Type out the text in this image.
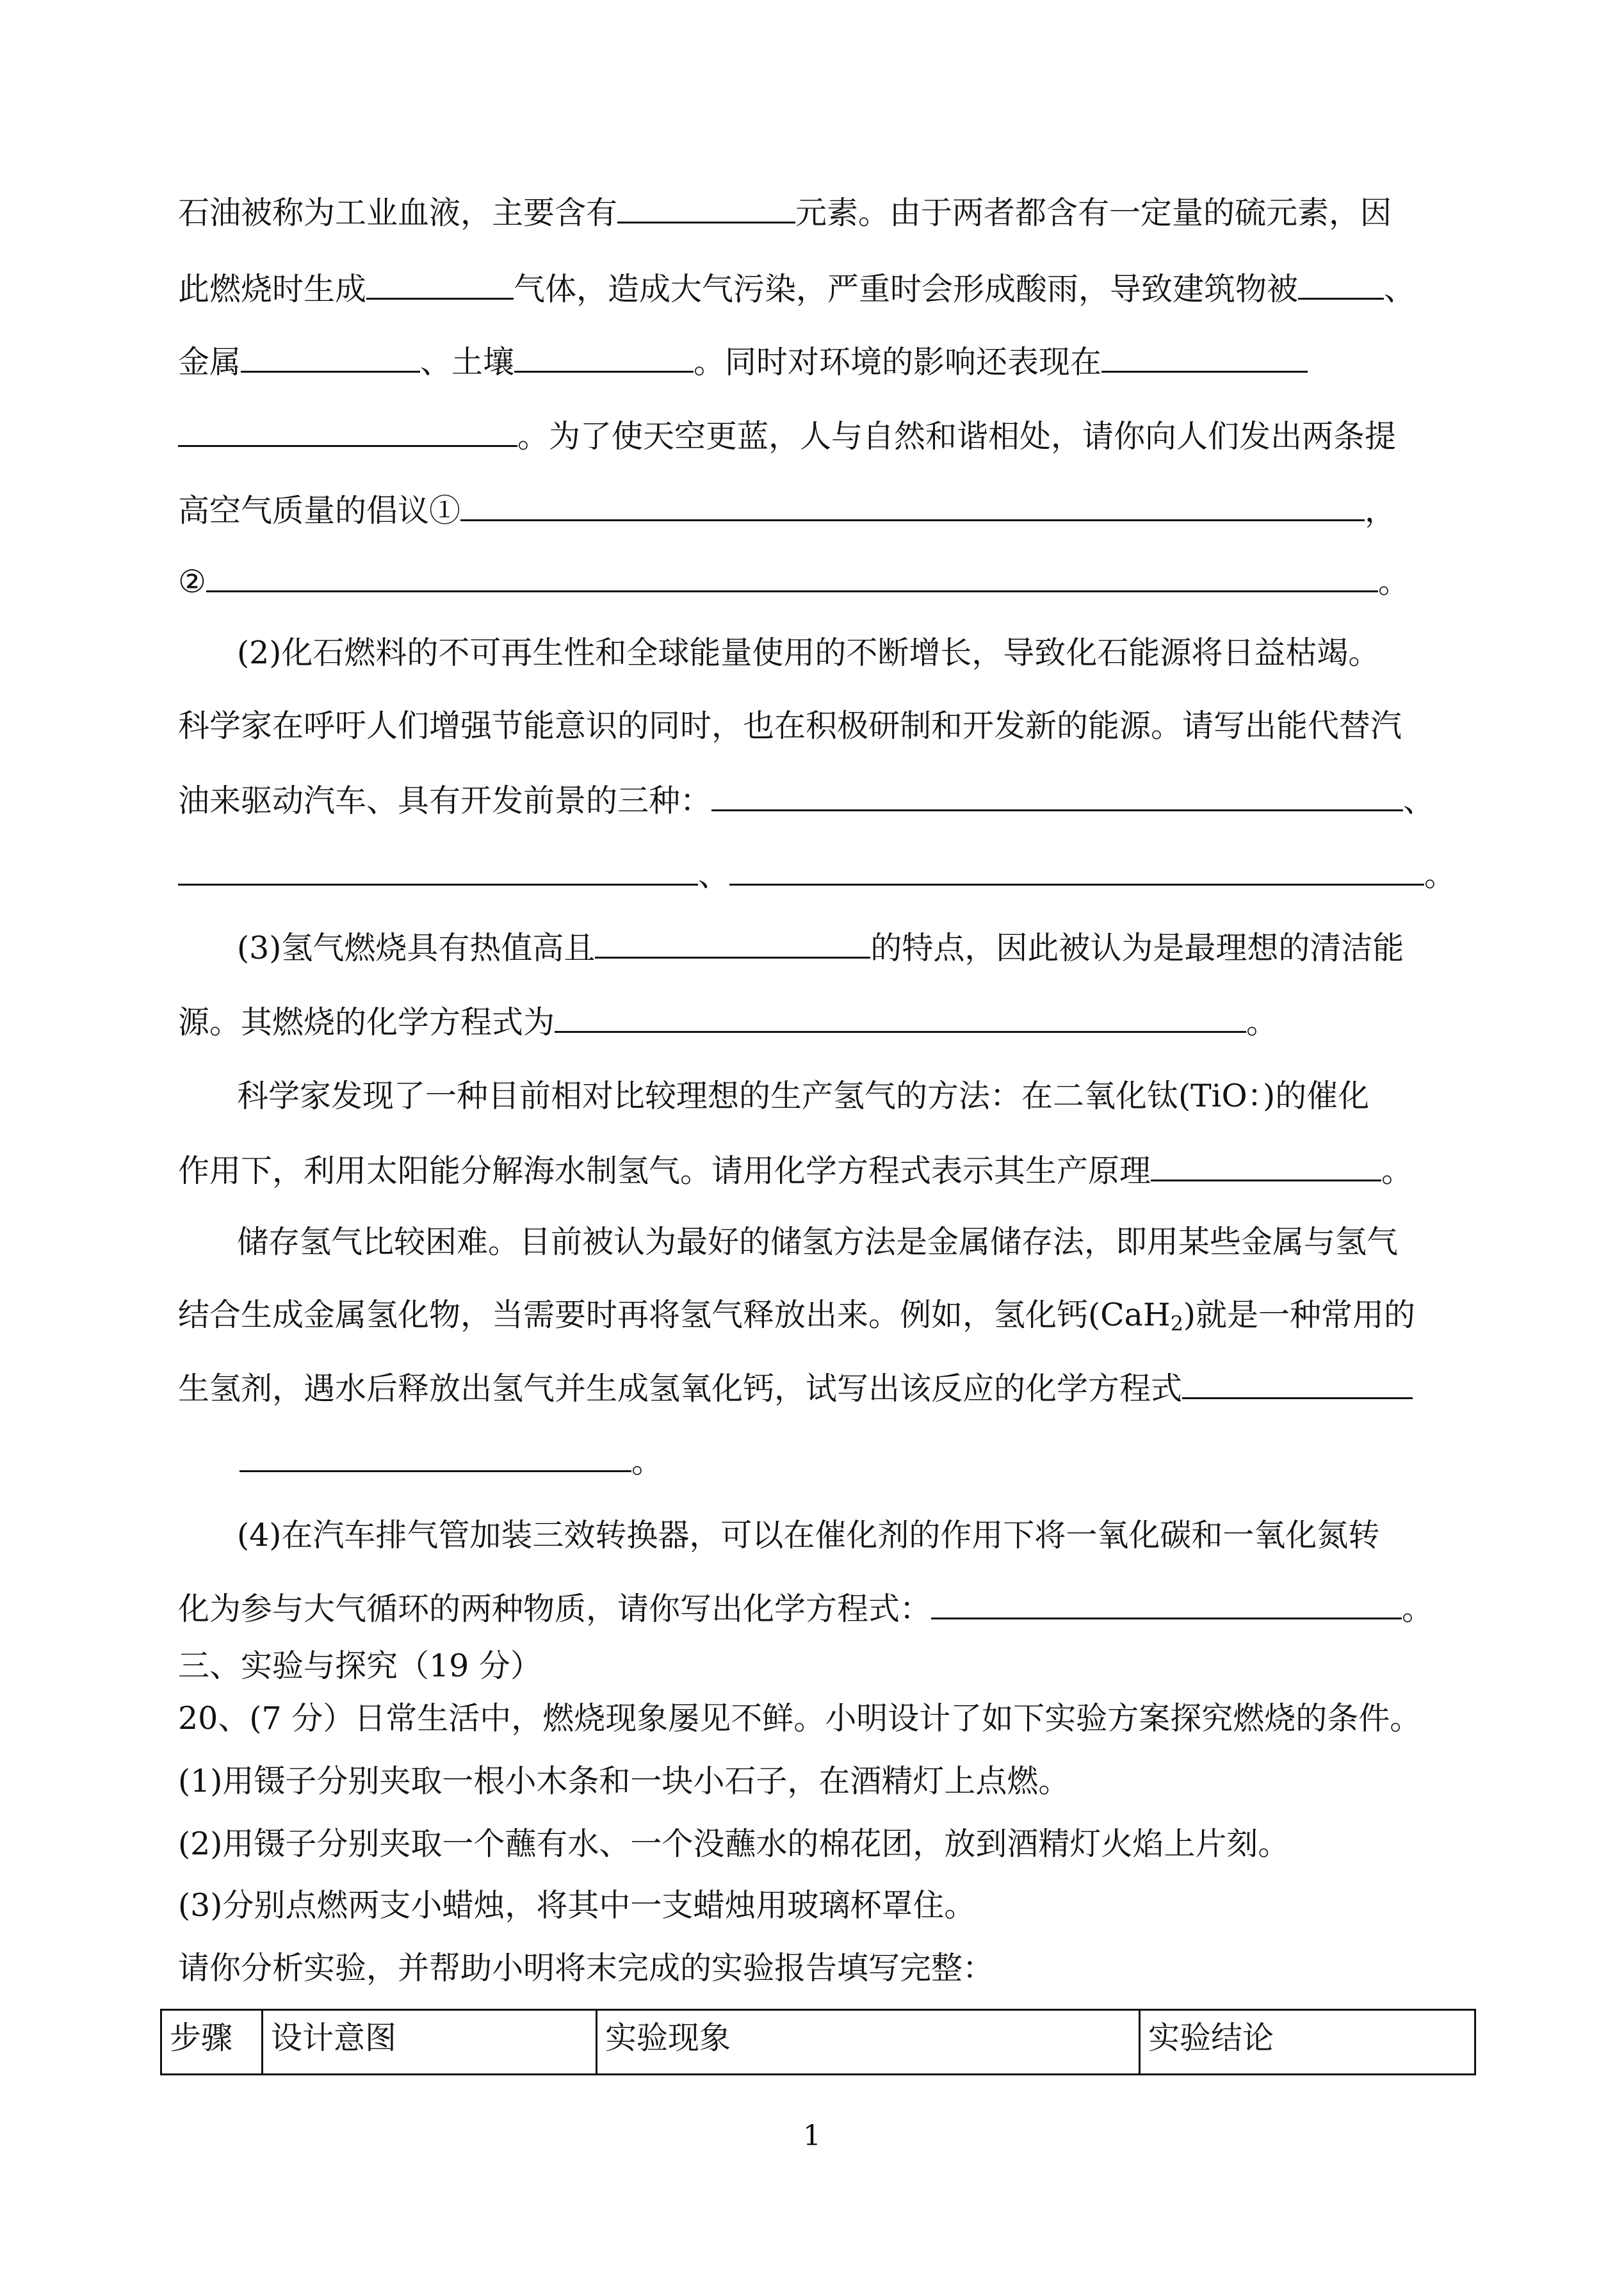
石油被称为工业血液，主要含有	元素。由于两者都含有一定量的硫元素，因
此燃烧时生成	气体，造成大气污染，严重时会形成酸雨，导致建筑物被	、
金属	、土壤	。同时对环境的影响还表现在
。为了使天空更蓝，人与自然和谐相处，请你向人们发出两条提
高空气质量的倡议①	，
②	。
(2)化石燃料的不可再生性和全球能量使用的不断增长，导致化石能源将日益枯竭。
科学家在呼吁人们增强节能意识的同时，也在积极研制和开发新的能源。请写出能代替汽
油来驱动汽车、具有开发前景的三种：	、
、	。
(3)氢气燃烧具有热值高且	的特点，因此被认为是最理想的清洁能
源。其燃烧的化学方程式为	。
科学家发现了一种目前相对比较理想的生产氢气的方法：在二氧化钛(TiO：)的催化
作用下，利用太阳能分解海水制氢气。请用化学方程式表示其生产原理	。
储存氢气比较困难。目前被认为最好的储氢方法是金属储存法，即用某些金属与氢气
结合生成金属氢化物，当需要时再将氢气释放出来。例如，氢化钙(CaH$_2$)就是一种常用的
生氢剂，遇水后释放出氢气并生成氢氧化钙，试写出该反应的化学方程式
。
(4)在汽车排气管加装三效转换器，可以在催化剂的作用下将一氧化碳和一氧化氮转
化为参与大气循环的两种物质，请你写出化学方程式：	。
三、实验与探究（19 分）
20、(7 分）日常生活中，燃烧现象屡见不鲜。小明设计了如下实验方案探究燃烧的条件。
(1)用镊子分别夹取一根小木条和一块小石子，在酒精灯上点燃。
(2)用镊子分别夹取一个蘸有水、一个没蘸水的棉花团，放到酒精灯火焰上片刻。
(3)分别点燃两支小蜡烛，将其中一支蜡烛用玻璃杯罩住。
请你分析实验，并帮助小明将末完成的实验报告填写完整：
步骤	设计意图	实验现象	实验结论
1
